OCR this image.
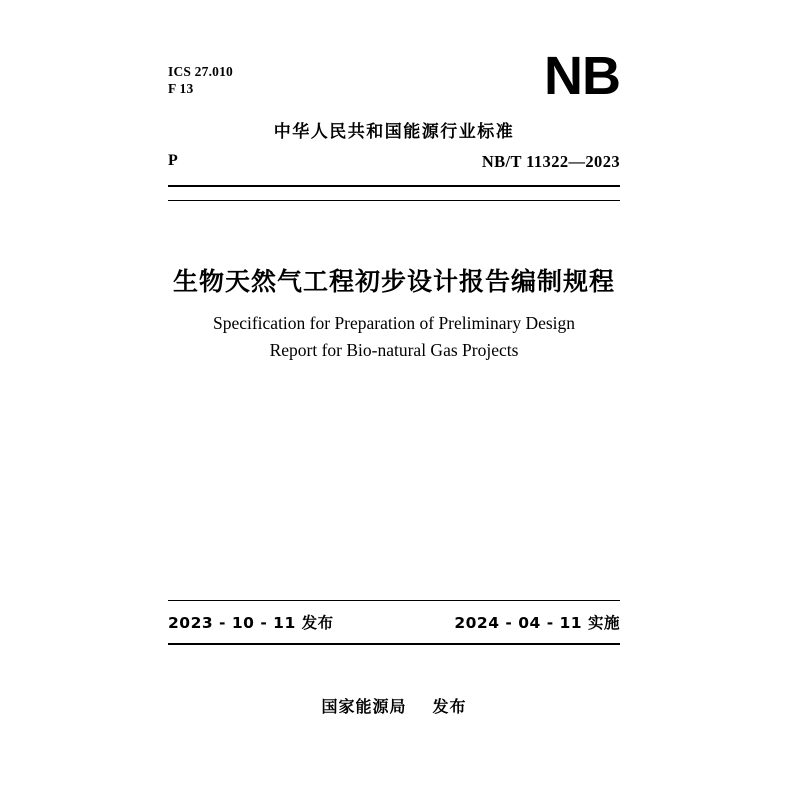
ICS 27.010
F 13	NB
中华人民共和国能源行业标准
P	NB/T 11322—2023
生物天然气工程初步设计报告编制规程
Specification for Preparation of Preliminary Design
Report for Bio-natural Gas Projects
2023 - 10 - 11 发布	2024 - 04 - 11 实施
国家能源局 发布
